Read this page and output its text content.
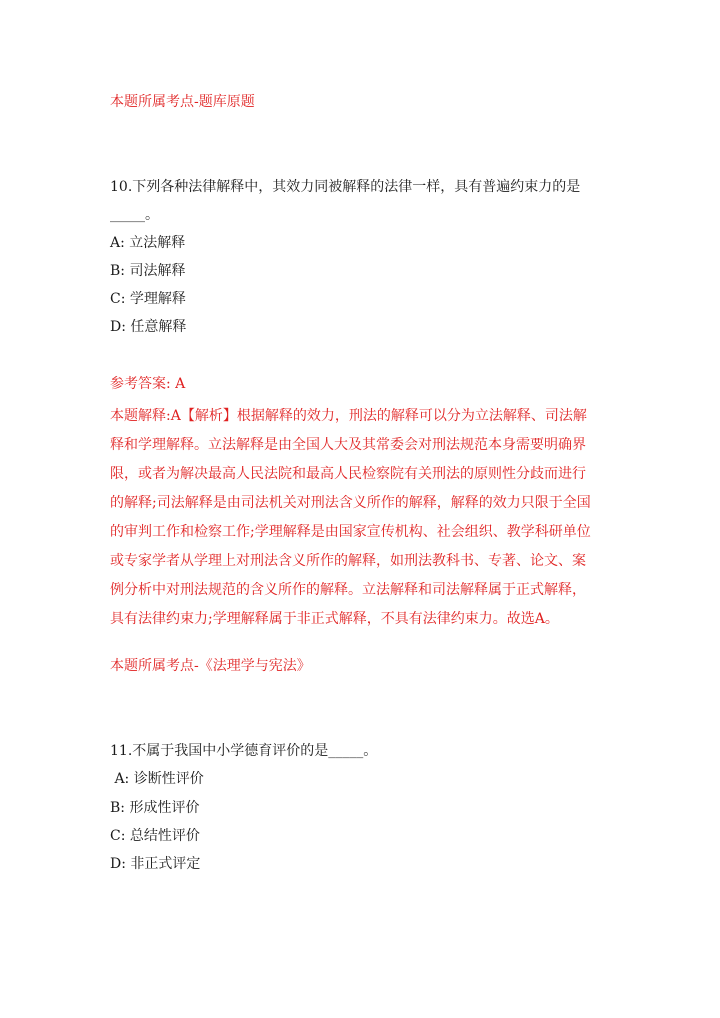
本题所属考点-题库原题
10.下列各种法律解释中，其效力同被解释的法律一样，具有普遍约束力的是
_____。
A: 立法解释
B: 司法解释
C: 学理解释
D: 任意解释
参考答案: A
本题解释:A【解析】根据解释的效力，刑法的解释可以分为立法解释、司法解
释和学理解释。立法解释是由全国人大及其常委会对刑法规范本身需要明确界
限，或者为解决最高人民法院和最高人民检察院有关刑法的原则性分歧而进行
的解释;司法解释是由司法机关对刑法含义所作的解释，解释的效力只限于全国
的审判工作和检察工作;学理解释是由国家宣传机构、社会组织、教学科研单位
或专家学者从学理上对刑法含义所作的解释，如刑法教科书、专著、论文、案
例分析中对刑法规范的含义所作的解释。立法解释和司法解释属于正式解释，
具有法律约束力;学理解释属于非正式解释，不具有法律约束力。故选A。
本题所属考点-《法理学与宪法》
11.不属于我国中小学德育评价的是_____。
A: 诊断性评价
B: 形成性评价
C: 总结性评价
D: 非正式评定
